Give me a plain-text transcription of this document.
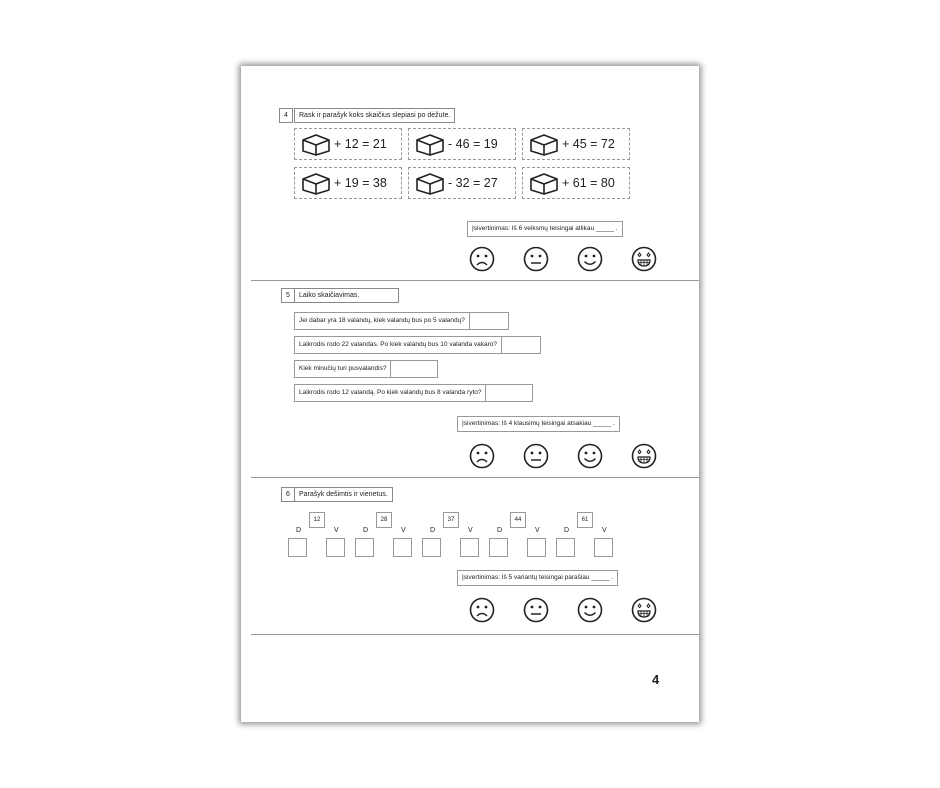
4	Rask ir parašyk koks skaičius slepiasi po dėžute.
+ 12 = 21	- 46 = 19	+ 45 = 72
+ 19 = 38	- 32 = 27	+ 61 = 80
Įsivertinimas: Iš 6 veiksmų teisingai atlikau _____ .
5	Laiko skaičiavimas.
Jei dabar yra 18 valandų, kiek valandų bus po 5 valandų?
Laikrodis rodo 22 valandas. Po kiek valandų bus 10 valanda vakaro?
Kiek minučių turi pusvalandis?
Laikrodis rodo 12 valandą. Po kiek valandų bus 8 valanda ryto?
Įsivertinimas: Iš 4 klausimų teisingai atsakiau _____ .
6	Parašyk dešimtis ir vienetus.
12
D	V
28
D	V
37
D	V
44
D	V
61
D	V
Įsivertinimas: Iš 5 variantų teisingai parašiau _____ .
4
